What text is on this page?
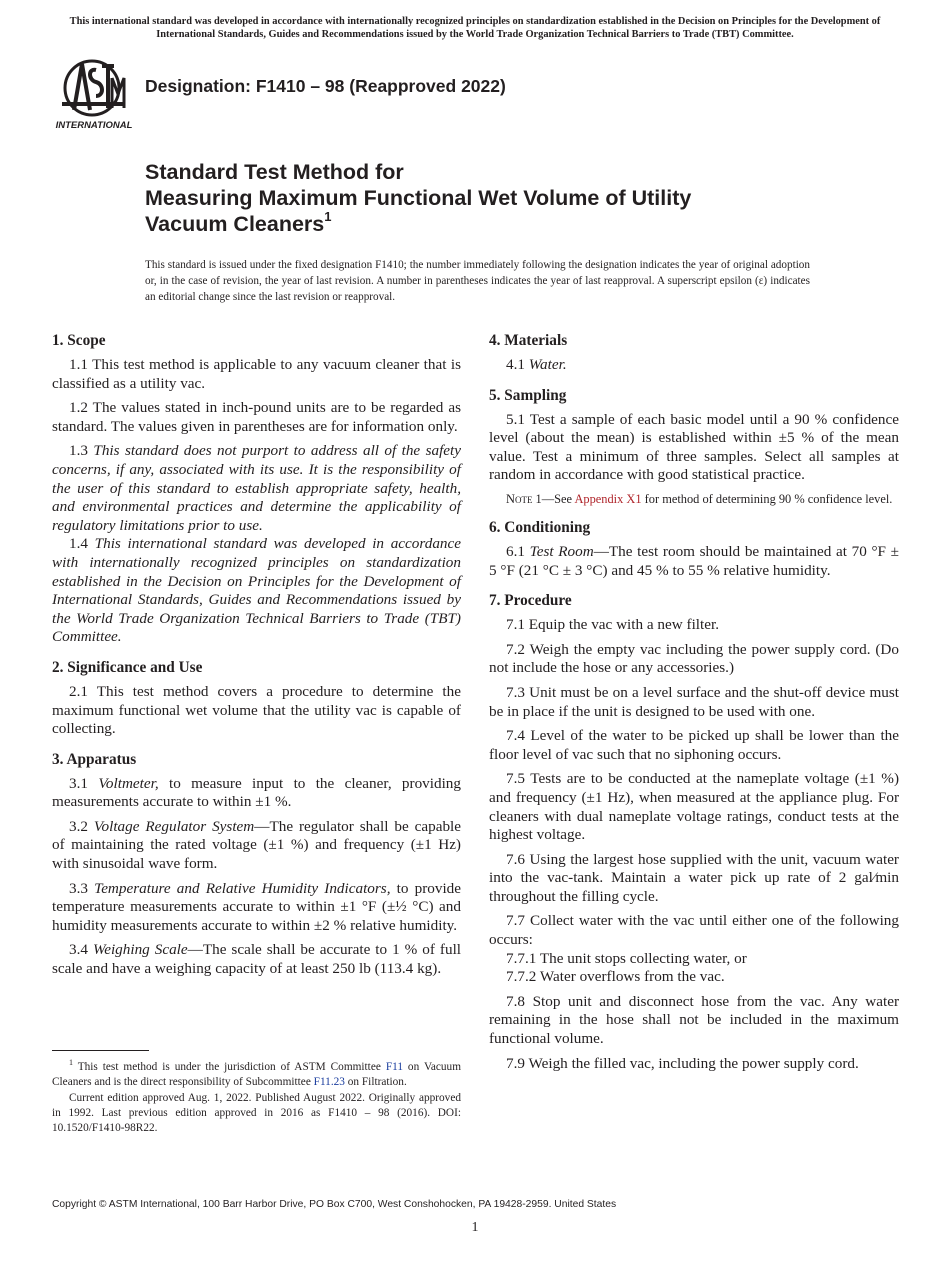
This international standard was developed in accordance with internationally recognized principles on standardization established in the Decision on Principles for the Development of International Standards, Guides and Recommendations issued by the World Trade Organization Technical Barriers to Trade (TBT) Committee.
INTERNATIONAL
Designation: F1410 – 98 (Reapproved 2022)
Standard Test Method for
Measuring Maximum Functional Wet Volume of Utility
Vacuum Cleaners$^1$
This standard is issued under the fixed designation F1410; the number immediately following the designation indicates the year of original adoption or, in the case of revision, the year of last revision. A number in parentheses indicates the year of last reapproval. A superscript epsilon (ε) indicates an editorial change since the last revision or reapproval.
1. Scope

1.1 This test method is applicable to any vacuum cleaner that is classified as a utility vac.

1.2 The values stated in inch-pound units are to be regarded as standard. The values given in parentheses are for information only.

1.3 This standard does not purport to address all of the safety concerns, if any, associated with its use. It is the responsibility of the user of this standard to establish appropriate safety, health, and environmental practices and determine the applicability of regulatory limitations prior to use.

1.4 This international standard was developed in accordance with internationally recognized principles on standardization established in the Decision on Principles for the Development of International Standards, Guides and Recommendations issued by the World Trade Organization Technical Barriers to Trade (TBT) Committee.

2. Significance and Use

2.1 This test method covers a procedure to determine the maximum functional wet volume that the utility vac is capable of collecting.

3. Apparatus

3.1 Voltmeter, to measure input to the cleaner, providing measurements accurate to within ±1 %.

3.2 Voltage Regulator System—The regulator shall be capable of maintaining the rated voltage (±1 %) and frequency (±1 Hz) with sinusoidal wave form.

3.3 Temperature and Relative Humidity Indicators, to provide temperature measurements accurate to within ±1 °F (±½ °C) and humidity measurements accurate to within ±2 % relative humidity.

3.4 Weighing Scale—The scale shall be accurate to 1 % of full scale and have a weighing capacity of at least 250 lb (113.4 kg).

$^1$ This test method is under the jurisdiction of ASTM Committee F11 on Vacuum Cleaners and is the direct responsibility of Subcommittee F11.23 on Filtration.

Current edition approved Aug. 1, 2022. Published August 2022. Originally approved in 1992. Last previous edition approved in 2016 as F1410 – 98 (2016). DOI: 10.1520/F1410-98R22.

4. Materials

4.1 Water.

5. Sampling

5.1 Test a sample of each basic model until a 90 % confidence level (about the mean) is established within ±5 % of the mean value. Test a minimum of three samples. Select all samples at random in accordance with good statistical practice.

Note 1—See Appendix X1 for method of determining 90 % confidence level.

6. Conditioning

6.1 Test Room—The test room should be maintained at 70 °F ± 5 °F (21 °C ± 3 °C) and 45 % to 55 % relative humidity.

7. Procedure

7.1 Equip the vac with a new filter.

7.2 Weigh the empty vac including the power supply cord. (Do not include the hose or any accessories.)

7.3 Unit must be on a level surface and the shut-off device must be in place if the unit is designed to be used with one.

7.4 Level of the water to be picked up shall be lower than the floor level of vac such that no siphoning occurs.

7.5 Tests are to be conducted at the nameplate voltage (±1 %) and frequency (±1 Hz), when measured at the appliance plug. For cleaners with dual nameplate voltage ratings, conduct tests at the highest voltage.

7.6 Using the largest hose supplied with the unit, vacuum water into the vac-tank. Maintain a water pick up rate of 2 gal⁄min throughout the filling cycle.

7.7 Collect water with the vac until either one of the following occurs:

7.7.1 The unit stops collecting water, or

7.7.2 Water overflows from the vac.

7.8 Stop unit and disconnect hose from the vac. Any water remaining in the hose shall not be included in the maximum functional volume.

7.9 Weigh the filled vac, including the power supply cord.

Copyright © ASTM International, 100 Barr Harbor Drive, PO Box C700, West Conshohocken, PA 19428-2959. United States
1
